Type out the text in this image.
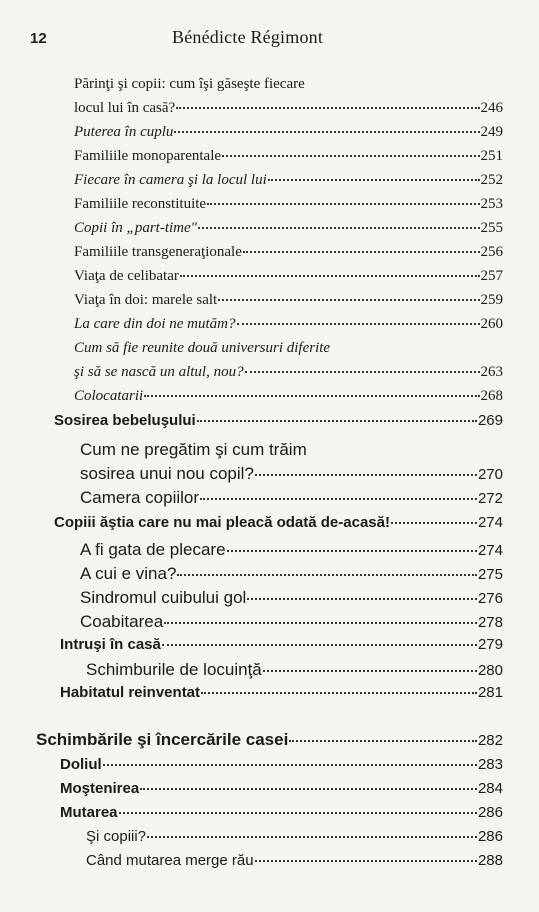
12	Bénédicte Régimont
Părinţi şi copii: cum îşi găseşte fiecare
locul lui în casă?	246
Puterea în cuplu	249
Familiile monoparentale	251
Fiecare în camera şi la locul lui	252
Familiile reconstituite	253
Copii în „part-time"	255
Familiile transgeneraţionale	256
Viaţa de celibatar	257
Viaţa în doi: marele salt	259
La care din doi ne mutăm?	260
Cum să fie reunite două universuri diferite
şi să se nască un altul, nou?	263
Colocatarii	268
Sosirea bebeluşului	269
Cum ne pregătim şi cum trăim
sosirea unui nou copil?	270
Camera copiilor	272
Copiii ăştia care nu mai pleacă odată de-acasă!	274
A fi gata de plecare	274
A cui e vina?	275
Sindromul cuibului gol	276
Coabitarea	278
Intruşi în casă	279
Schimburile de locuinţă	280
Habitatul reinventat	281
Schimbările şi încercările casei	282
Doliul	283
Moştenirea	284
Mutarea	286
Şi copiii?	286
Când mutarea merge rău	288
